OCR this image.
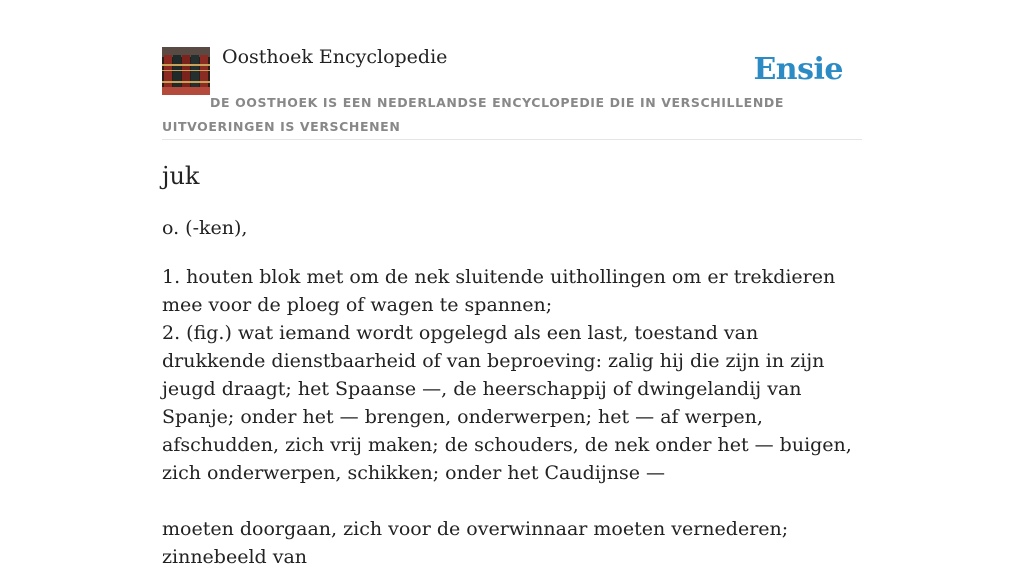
Oosthoek Encyclopedie	Ensie
DE OOSTHOEK IS EEN NEDERLANDSE ENCYCLOPEDIE DIE IN VERSCHILLENDE UITVOERINGEN IS VERSCHENEN
juk
o. (-ken),

1. houten blok met om de nek sluitende uithollingen om er trekdieren mee voor de ploeg of wagen te spannen;

2. (fig.) wat iemand wordt opgelegd als een last, toestand van drukkende dienstbaarheid of van beproeving: zalig hij die zijn in zijn jeugd draagt; het Spaanse —, de heerschappij of dwingelandij van Spanje; onder het — brengen, onderwerpen; het — af werpen, afschudden, zich vrij maken; de schouders, de nek onder het — buigen, zich onderwerpen, schikken; onder het Caudijnse —

moeten doorgaan, zich voor de overwinnaar moeten vernederen; zinnebeeld van
